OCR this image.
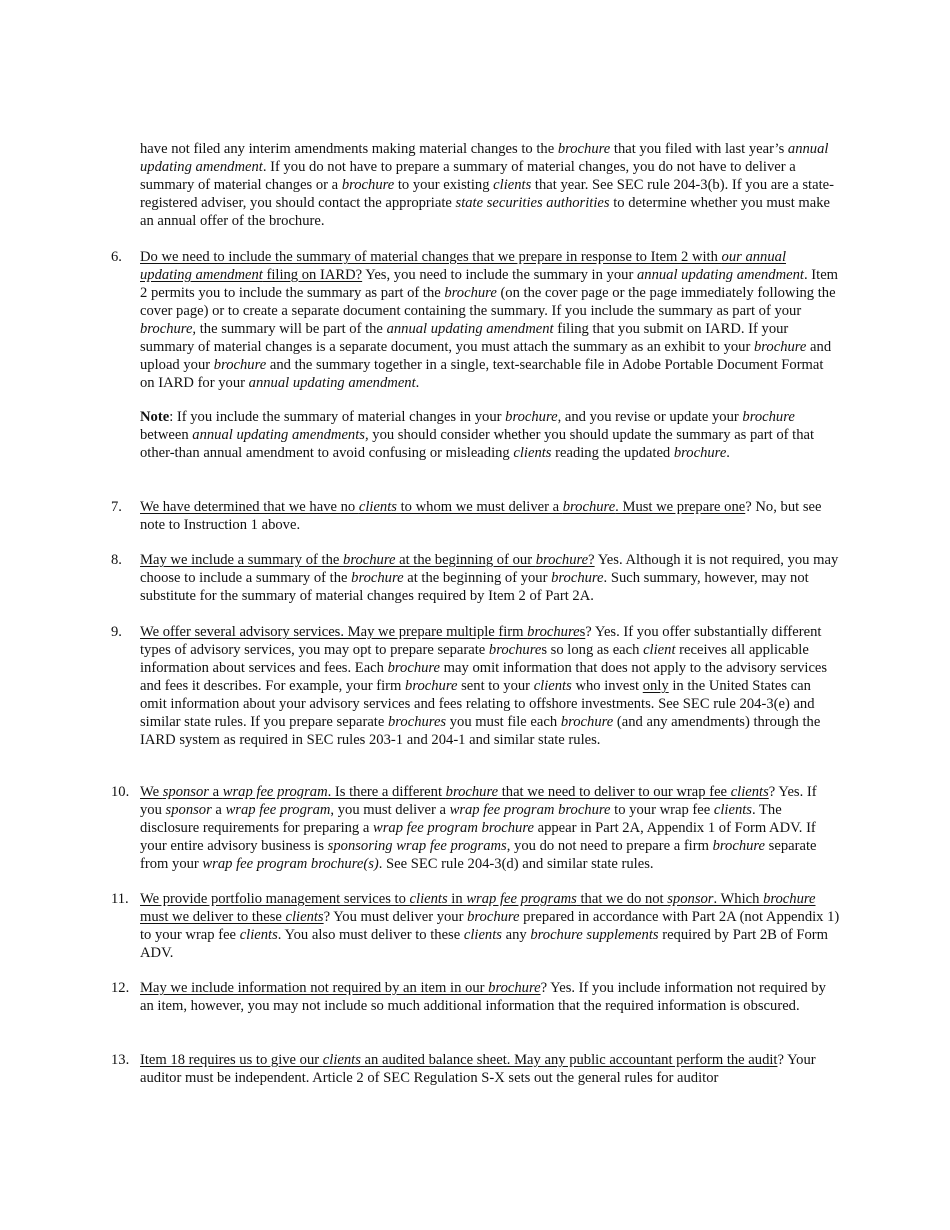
have not filed any interim amendments making material changes to the brochure that you filed with last year’s annual updating amendment. If you do not have to prepare a summary of material changes, you do not have to deliver a summary of material changes or a brochure to your existing clients that year. See SEC rule 204-3(b). If you are a state-registered adviser, you should contact the appropriate state securities authorities to determine whether you must make an annual offer of the brochure.

6. Do we need to include the summary of material changes that we prepare in response to Item 2 with our annual updating amendment filing on IARD? Yes, you need to include the summary in your annual updating amendment. Item 2 permits you to include the summary as part of the brochure (on the cover page or the page immediately following the cover page) or to create a separate document containing the summary. If you include the summary as part of your brochure, the summary will be part of the annual updating amendment filing that you submit on IARD. If your summary of material changes is a separate document, you must attach the summary as an exhibit to your brochure and upload your brochure and the summary together in a single, text-searchable file in Adobe Portable Document Format on IARD for your annual updating amendment.

Note: If you include the summary of material changes in your brochure, and you revise or update your brochure between annual updating amendments, you should consider whether you should update the summary as part of that other-than annual amendment to avoid confusing or misleading clients reading the updated brochure.

7. We have determined that we have no clients to whom we must deliver a brochure. Must we prepare one? No, but see note to Instruction 1 above.
8. May we include a summary of the brochure at the beginning of our brochure? Yes. Although it is not required, you may choose to include a summary of the brochure at the beginning of your brochure. Such summary, however, may not substitute for the summary of material changes required by Item 2 of Part 2A.
9. We offer several advisory services. May we prepare multiple firm brochures? Yes. If you offer substantially different types of advisory services, you may opt to prepare separate brochures so long as each client receives all applicable information about services and fees. Each brochure may omit information that does not apply to the advisory services and fees it describes. For example, your firm brochure sent to your clients who invest only in the United States can omit information about your advisory services and fees relating to offshore investments. See SEC rule 204-3(e) and similar state rules. If you prepare separate brochures you must file each brochure (and any amendments) through the IARD system as required in SEC rules 203-1 and 204-1 and similar state rules.
10. We sponsor a wrap fee program. Is there a different brochure that we need to deliver to our wrap fee clients? Yes. If you sponsor a wrap fee program, you must deliver a wrap fee program brochure to your wrap fee clients. The disclosure requirements for preparing a wrap fee program brochure appear in Part 2A, Appendix 1 of Form ADV. If your entire advisory business is sponsoring wrap fee programs, you do not need to prepare a firm brochure separate from your wrap fee program brochure(s). See SEC rule 204-3(d) and similar state rules.
11. We provide portfolio management services to clients in wrap fee programs that we do not sponsor. Which brochure must we deliver to these clients? You must deliver your brochure prepared in accordance with Part 2A (not Appendix 1) to your wrap fee clients. You also must deliver to these clients any brochure supplements required by Part 2B of Form ADV.
12. May we include information not required by an item in our brochure? Yes. If you include information not required by an item, however, you may not include so much additional information that the required information is obscured.
13. Item 18 requires us to give our clients an audited balance sheet. May any public accountant perform the audit? Your auditor must be independent. Article 2 of SEC Regulation S-X sets out the general rules for auditor
